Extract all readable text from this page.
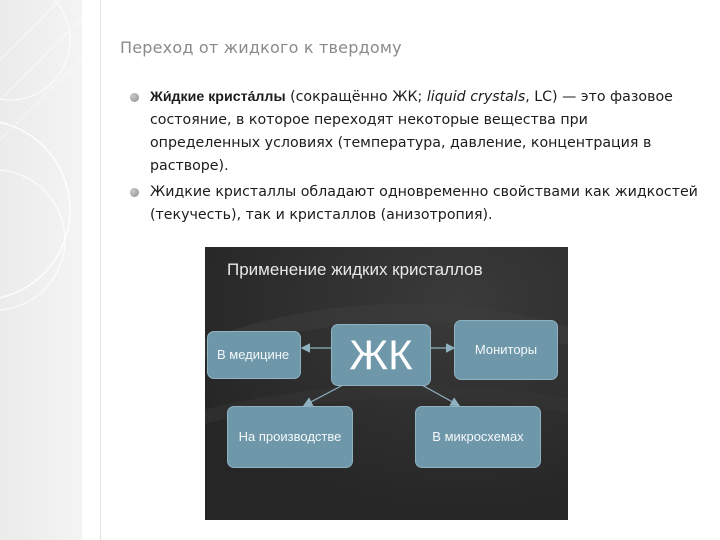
Переход от жидкого к твердому
Жи́дкие криста́ллы (сокращённо ЖК; liquid crystals, LC) — это фазовое состояние, в которое переходят некоторые вещества при определенных условиях (температура, давление, концентрация в растворе).
Жидкие кристаллы обладают одновременно свойствами как жидкостей (текучесть), так и кристаллов (анизотропия).
Применение жидких кристаллов
В медицине	ЖК	Мониторы
На производстве	В микросхемах
